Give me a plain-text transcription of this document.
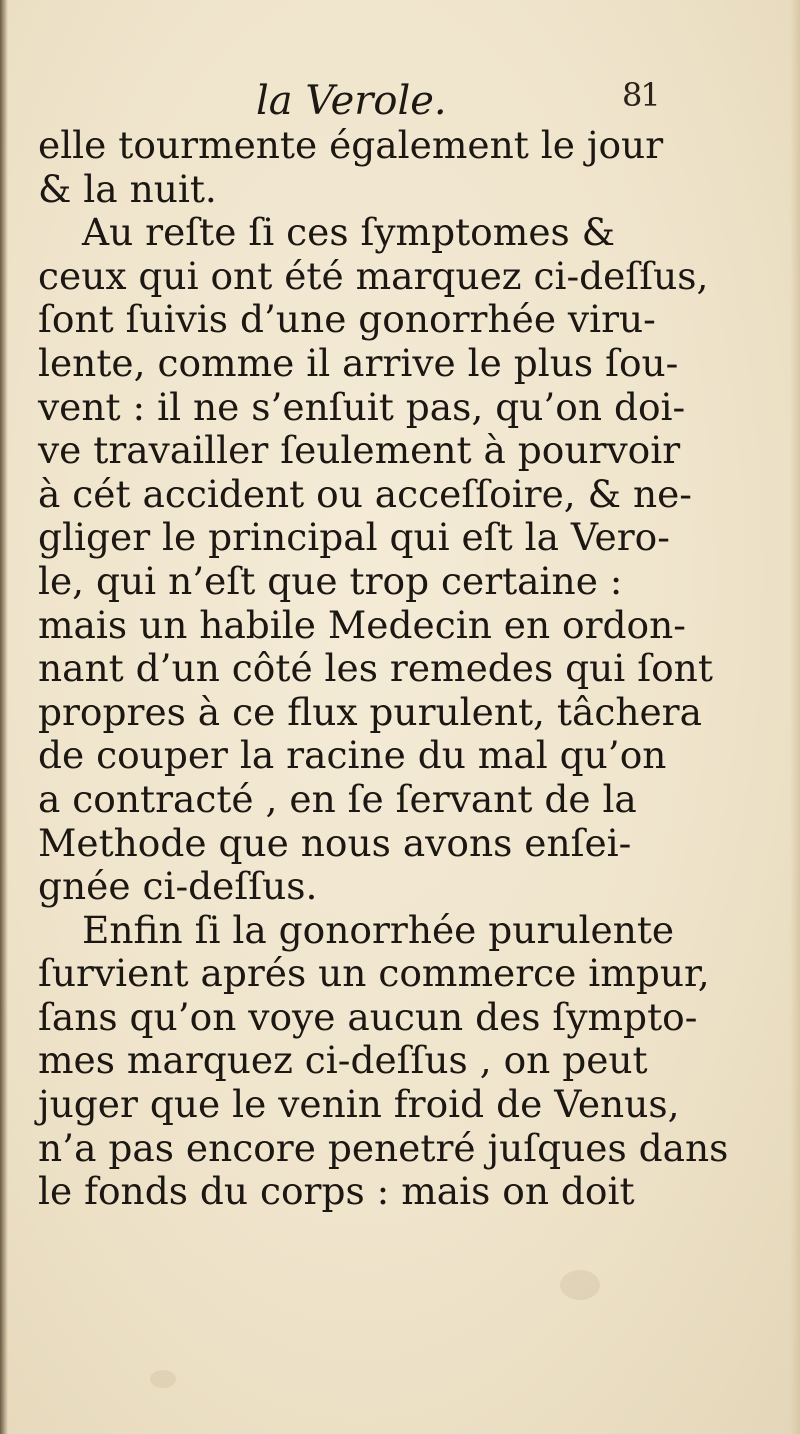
la Verole.	81
elle tourmente également le jour
& la nuit.
Au reſte ſi ces ſymptomes &
ceux qui ont été marquez ci-deſſus,
ſont ſuivis d’une gonorrhée viru-
lente, comme il arrive le plus ſou-
vent : il ne s’enſuit pas, qu’on doi-
ve travailler ſeulement à pourvoir
à cét accident ou acceſſoire, & ne-
gliger le principal qui eſt la Vero-
le, qui n’eſt que trop certaine :
mais un habile Medecin en ordon-
nant d’un côté les remedes qui ſont
propres à ce flux purulent, tâchera
de couper la racine du mal qu’on
a contracté , en ſe ſervant de la
Methode que nous avons enſei-
gnée ci-deſſus.
Enfin ſi la gonorrhée purulente
ſurvient aprés un commerce impur,
ſans qu’on voye aucun des ſympto-
mes marquez ci-deſſus , on peut
juger que le venin froid de Venus,
n’a pas encore penetré juſques dans
le fonds du corps : mais on doit
